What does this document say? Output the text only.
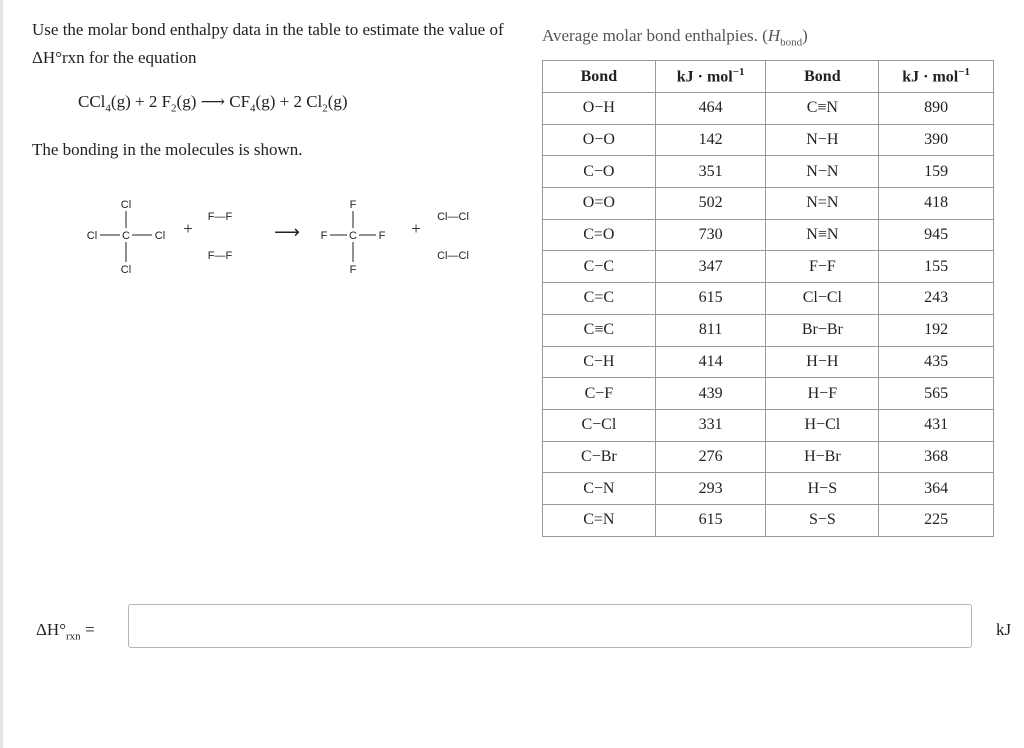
Use the molar bond enthalpy data in the table to estimate the value of ΔH°rxn for the equation

CCl$_4$(g) + 2 $F_2(g)$ ⟶ $CF_4(g) + 2$ $Cl_2(g)$

The bonding in the molecules is shown.

C
Cl
Cl
Cl	Cl +
F—F
F—F
⟶	C
F
F
F	F +
Cl—Cl
Cl—Cl
Average molar bond enthalpies. $(H_{bond})$
Bond	kJ · mol$^{-1}$	Bond	kJ · mol$^{-1}$
O−H	464	C≡N	890
O−O	142	N−H	390
C−O	351	N−N	159
O=O	502	N=N	418
C=O	730	N≡N	945
C−C	347	F−F	155
C=C	615	Cl−Cl	243
C≡C	811	Br−Br	192
C−H	414	H−H	435
C−F	439	H−F	565
C−Cl	331	H−Cl	431
C−Br	276	H−Br	368
C−N	293	H−S	364
C=N	615	S−S	225
$\Delta H^\circ_{rxn}$ =	kJ
